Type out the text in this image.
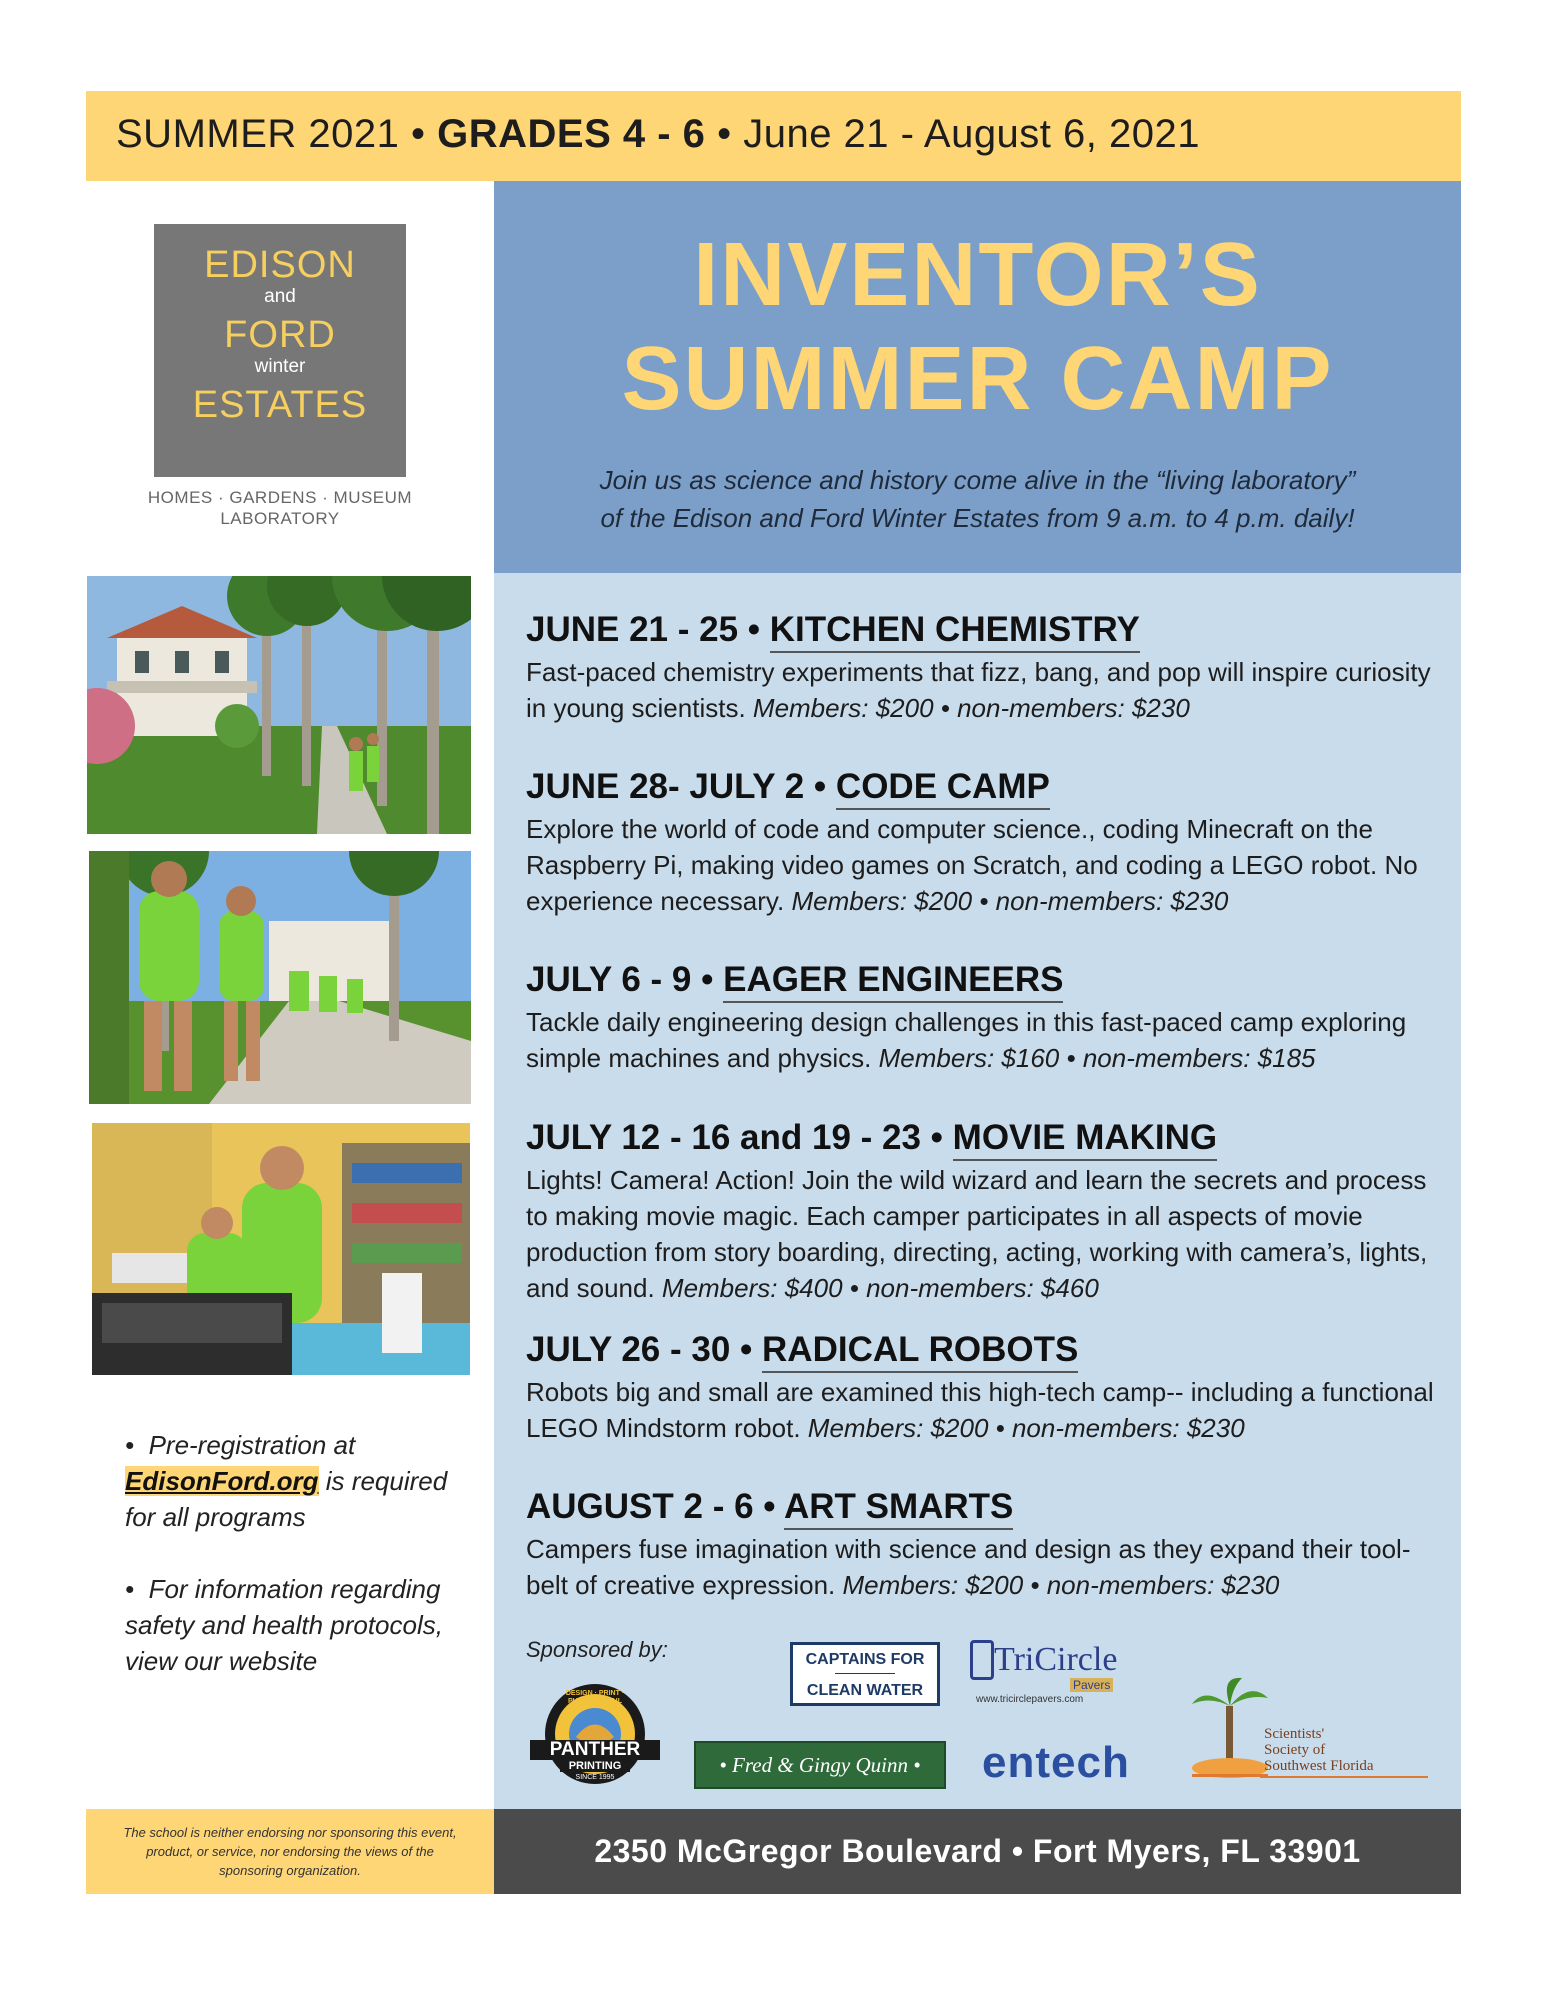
SUMMER 2021 • GRADES 4 - 6 • June 21 - August 6, 2021
EDISON
and
FORD
winter
ESTATES
HOMES · GARDENS · MUSEUM
LABORATORY
INVENTOR’S
SUMMER CAMP
Join us as science and history come alive in the “living laboratory”
of the Edison and Ford Winter Estates from 9 a.m. to 4 p.m. daily!
JUNE 21 - 25 • KITCHEN CHEMISTRY
Fast-paced chemistry experiments that fizz, bang, and pop will inspire curiosity in young scientists. Members: $200 • non-members: $230
JUNE 28- JULY 2 • CODE CAMP
Explore the world of code and computer science., coding Minecraft on the Raspberry Pi, making video games on Scratch, and coding a LEGO robot. No experience necessary. Members: $200 • non-members: $230
JULY 6 - 9 • EAGER ENGINEERS
Tackle daily engineering design challenges in this fast-paced camp exploring simple machines and physics. Members: $160 • non-members: $185
JULY 12 - 16 and 19 - 23 • MOVIE MAKING
Lights! Camera! Action! Join the wild wizard and learn the secrets and process to making movie magic. Each camper participates in all aspects of movie production from story boarding, directing, acting, working with camera’s, lights, and sound. Members: $400 • non-members: $460
JULY 26 - 30 • RADICAL ROBOTS
Robots big and small are examined this high-tech camp-- including a functional LEGO Mindstorm robot. Members: $200 • non-members: $230
AUGUST 2 - 6 • ART SMARTS
Campers fuse imagination with science and design as they expand their tool-belt of creative expression. Members: $200 • non-members: $230
Sponsored by:	CAPTAINS FOR
CLEAN WATER
TriCircle
Pavers
www.tricirclepavers.com
DESIGN · PRINT · PUBLISH · MAIL
PANTHER
PRINTING
SINCE 1995
• Fred & Gingy Quinn •	entech
Scientists'
Society of
Southwest Florida
• Pre-registration at
EdisonFord.org is required for all programs
• For information regarding safety and health protocols, view our website
The school is neither endorsing nor sponsoring this event, product, or service, nor endorsing the views of the sponsoring organization.
2350 McGregor Boulevard • Fort Myers, FL 33901
